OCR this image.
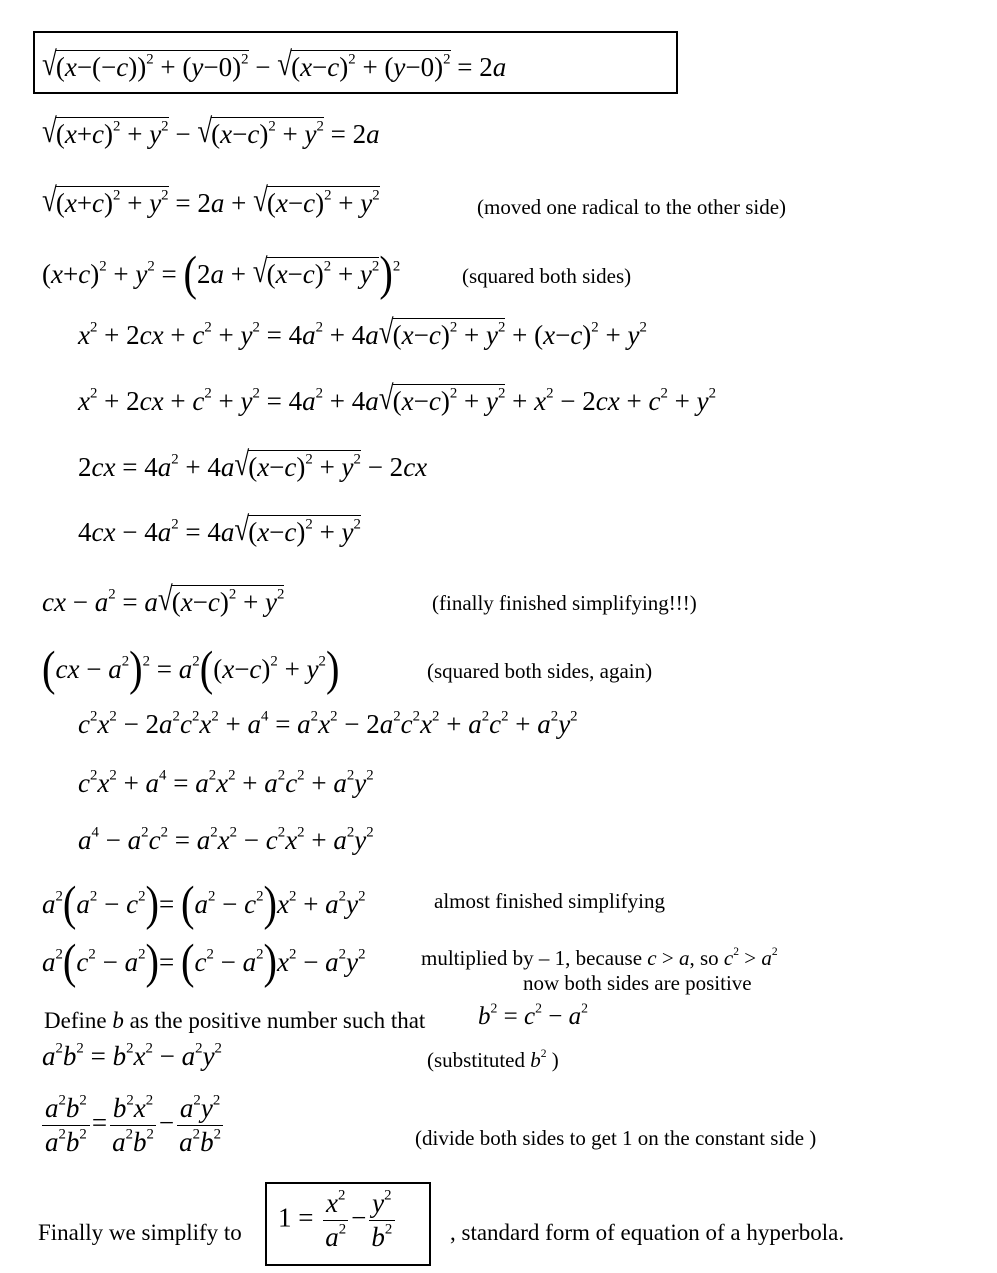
$√(x-(-c))^2 + (y-0)^2 - √(x-c)^2 + (y-0)^2 = 2a$
$√(x+c)^2 + y^2 - √(x-c)^2 + y^2 = 2a$
$√(x+c)^2 + y^2 = 2a + √(x-c)^2 + y^2$	(moved one radical to the other side)
$(x+c)^2 + y^2 = (2a + √(x-c)^2 + y^2)^2$	(squared both sides)
$x^2 + 2cx + c^2 + y^2 = 4a^2 + 4a√(x-c)^2 + y^2 + (x-c)^2 + y^2$
$x^2 + 2cx + c^2 + y^2 = 4a^2 + 4a√(x-c)^2 + y^2 + x^2 - 2cx + c^2 + y^2$
$2cx = 4a^2 + 4a√(x-c)^2 + y^2 - 2cx$
$4cx - 4a^2 = 4a√(x-c)^2 + y^2$
cx − $a^2 = a√(x-c)^2 + y^2$	(finally finished simplifying!!!)
$(cx - a^2)^2 = a^2((x-c)^2 + y^2)$	(squared both sides, again)
$c^2x^2 - 2a^2c^2x^2 + a^4 = a^2x^2 - 2a^2c^2x^2 + a^2c^2 + a^2y^2$
$c^2x^2 + a^4 = a^2x^2 + a^2c^2 + a^2y^2$
$a^4 - a^2c^2 = a^2x^2 - c^2x^2 + a^2y^2$
$a^2(a^2 - c^2)= (a^2 - c^2)x^2 + a^2y^2$	almost finished simplifying
$a^2(c^2 - a^2)= (c^2 - a^2)x^2 - a^2y^2$	multiplied by – 1, because c > a, so $c^2 > a^2$
now both sides are positive
Define b as the positive number such that $b^2 = c^2 - a^2$
$a^2b^2 = b^2x^2 - a^2y^2$	(substituted $b^2$ )
$\frac{a^2b^2}{a^2b^2} = \frac{b^2x^2}{a^2b^2} - \frac{a^2y^2}{a^2b^2}$	(divide both sides to get 1 on the constant side )
Finally we simplify to $1 = \frac{x^2}{a^2} - \frac{y^2}{b^2}$ , standard form of equation of a hyperbola.
